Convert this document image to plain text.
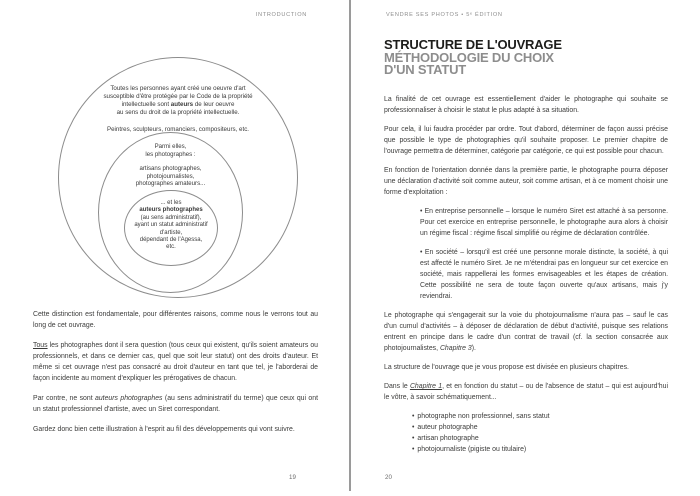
INTRODUCTION
Toutes les personnes ayant créé une oeuvre d'art
susceptible d'être protégée par le Code de la propriété
intellectuelle sont auteurs de leur oeuvre
au sens du droit de la propriété intellectuelle.
Peintres, sculpteurs, romanciers, compositeurs, etc.
Parmi elles,
les photographes :
artisans photographes,
photojournalistes,
photographes amateurs...
... et les
auteurs photographes
(au sens administratif),
ayant un statut administratif
d'artiste,
dépendant de l'Agessa,
etc.

Cette distinction est fondamentale, pour différentes raisons, comme nous le verrons tout au long de cet ouvrage.

Tous les photographes dont il sera question (tous ceux qui existent, qu'ils soient amateurs ou professionnels, et dans ce dernier cas, quel que soit leur statut) ont des droits d'auteur. Et même si cet ouvrage n'est pas consacré au droit d'auteur en tant que tel, je l'aborderai de façon incidente au moment d'expliquer les prérogatives de chacun.

Par contre, ne sont auteurs photographes (au sens administratif du terme) que ceux qui ont un statut professionnel d'artiste, avec un Siret correspondant.

Gardez donc bien cette illustration à l'esprit au fil des développements qui vont suivre.

19
VENDRE SES PHOTOS • 5ᵉ ÉDITION
STRUCTURE DE L'OUVRAGE
MÉTHODOLOGIE DU CHOIX
D'UN STATUT

La finalité de cet ouvrage est essentiellement d'aider le photographe qui souhaite se professionnaliser à choisir le statut le plus adapté à sa situation.

Pour cela, il lui faudra procéder par ordre. Tout d'abord, déterminer de façon aussi précise que possible le type de photographies qu'il souhaite proposer. Le premier chapitre de l'ouvrage permettra de déterminer, catégorie par catégorie, ce qui est possible pour chacun.

En fonction de l'orientation donnée dans la première partie, le photographe pourra déposer une déclaration d'activité soit comme auteur, soit comme artisan, et à ce moment choisir une forme d'exploitation :

• En entreprise personnelle – lorsque le numéro Siret est attaché à sa personne. Pour cet exercice en entreprise personnelle, le photographe aura alors à choisir un régime fiscal : régime fiscal simplifié ou régime de déclaration contrôlée.

• En société – lorsqu'il est créé une personne morale distincte, la société, à qui est affecté le numéro Siret. Je ne m'étendrai pas en longueur sur cet exercice en société, mais rappellerai les formes envisageables et les étapes de création. Cette possibilité ne sera de toute façon ouverte qu'aux artisans, mais j'y reviendrai.

Le photographe qui s'engagerait sur la voie du photojournalisme n'aura pas – sauf le cas d'un cumul d'activités – à déposer de déclaration de début d'activité, puisque ses relations entrent en principe dans le cadre d'un contrat de travail (cf. la section consacrée aux photojournalistes, Chapitre 3).

La structure de l'ouvrage que je vous propose est divisée en plusieurs chapitres.

Dans le Chapitre 1, et en fonction du statut – ou de l'absence de statut – qui est aujourd'hui le vôtre, à savoir schématiquement...

• photographe non professionnel, sans statut
• auteur photographe
• artisan photographe
• photojournaliste (pigiste ou titulaire)
20
